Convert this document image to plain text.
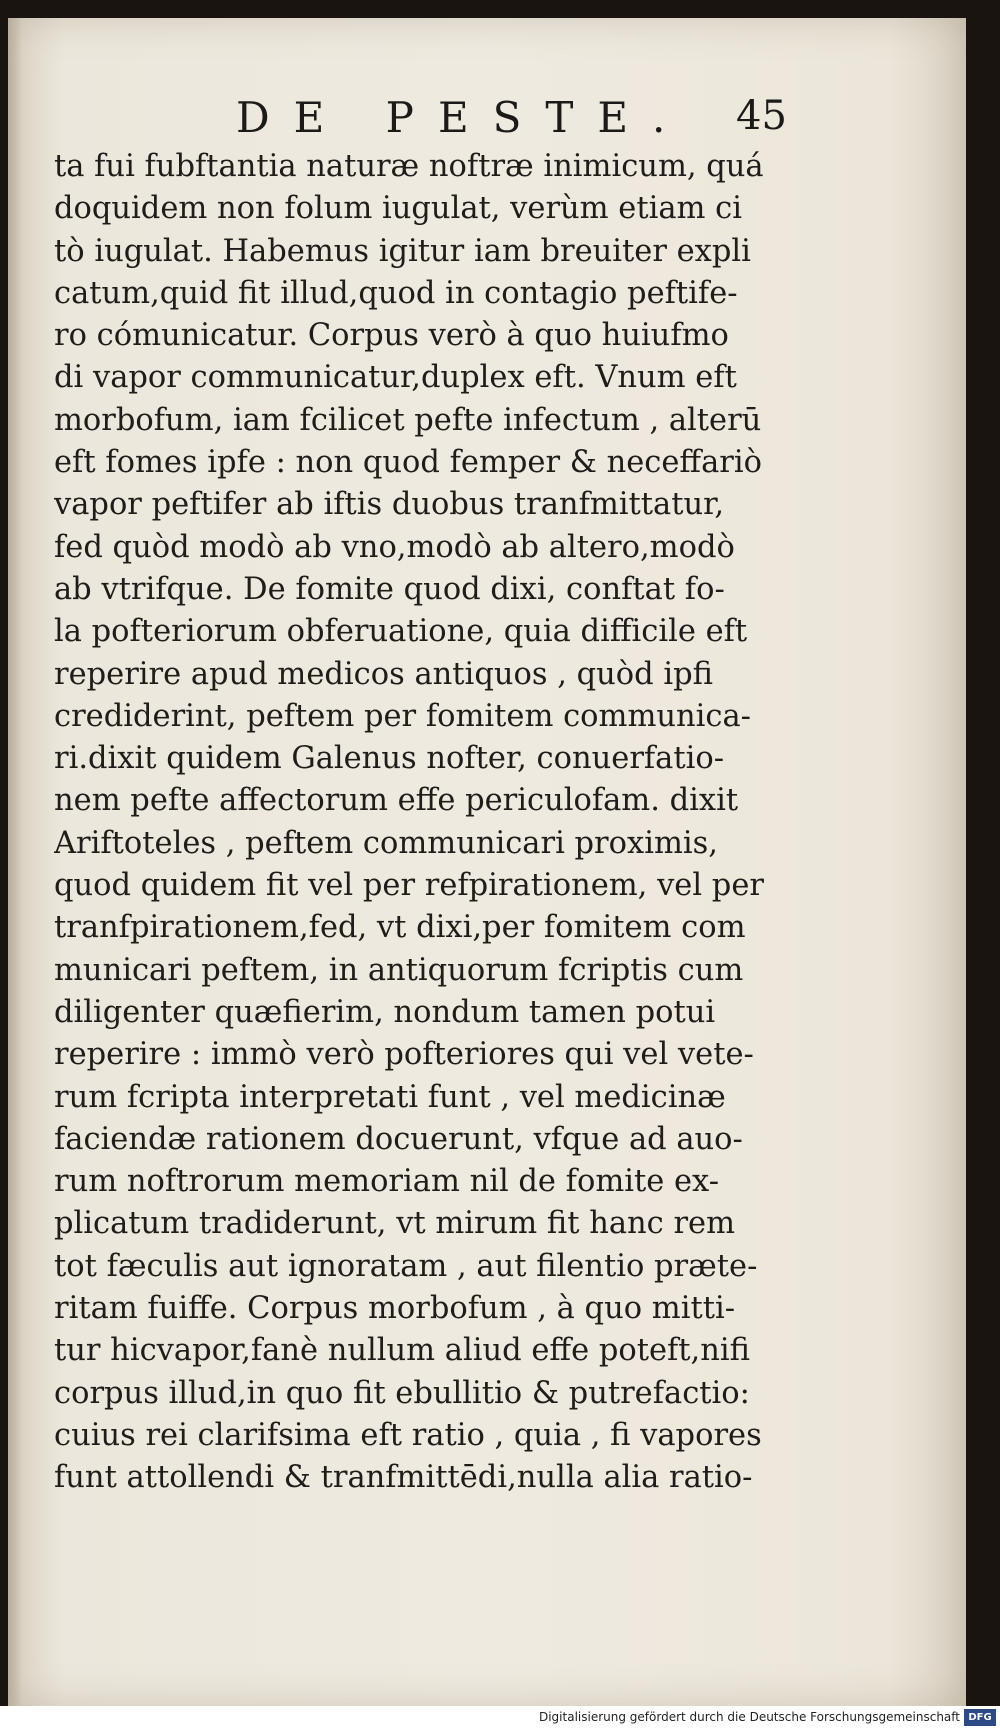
DE PESTE. 45
ta fui fubftantia naturæ noftræ inimicum, quá
doquidem non folum iugulat, verùm etiam ci
tò iugulat. Habemus igitur iam breuiter expli
catum,quid fit illud,quod in contagio peftife-
ro cómunicatur. Corpus verò à quo huiufmo
di vapor communicatur,duplex eft. Vnum eft
morbofum, iam fcilicet pefte infectum , alterū
eft fomes ipfe : non quod femper & neceffariò
vapor peftifer ab iftis duobus tranfmittatur,
fed quòd modò ab vno,modò ab altero,modò
ab vtrifque. De fomite quod dixi, conftat fo-
la pofteriorum obferuatione, quia difficile eft
reperire apud medicos antiquos , quòd ipfi
crediderint, peftem per fomitem communica-
ri.dixit quidem Galenus nofter, conuerfatio-
nem pefte affectorum effe periculofam. dixit
Ariftoteles , peftem communicari proximis,
quod quidem fit vel per refpirationem, vel per
tranfpirationem,fed, vt dixi,per fomitem com
municari peftem, in antiquorum fcriptis cum
diligenter quæfierim, nondum tamen potui
reperire : immò verò pofteriores qui vel vete-
rum fcripta interpretati funt , vel medicinæ
faciendæ rationem docuerunt, vfque ad auo-
rum noftrorum memoriam nil de fomite ex-
plicatum tradiderunt, vt mirum fit hanc rem
tot fæculis aut ignoratam , aut filentio præte-
ritam fuiffe. Corpus morbofum , à quo mitti-
tur hicvapor,fanè nullum aliud effe poteft,nifi
corpus illud,in quo fit ebullitio & putrefactio:
cuius rei clarifsima eft ratio , quia , fi vapores
funt attollendi & tranfmittēdi,nulla alia ratio-
Digitalisierung gefördert durch die Deutsche Forschungsgemeinschaft DFG
